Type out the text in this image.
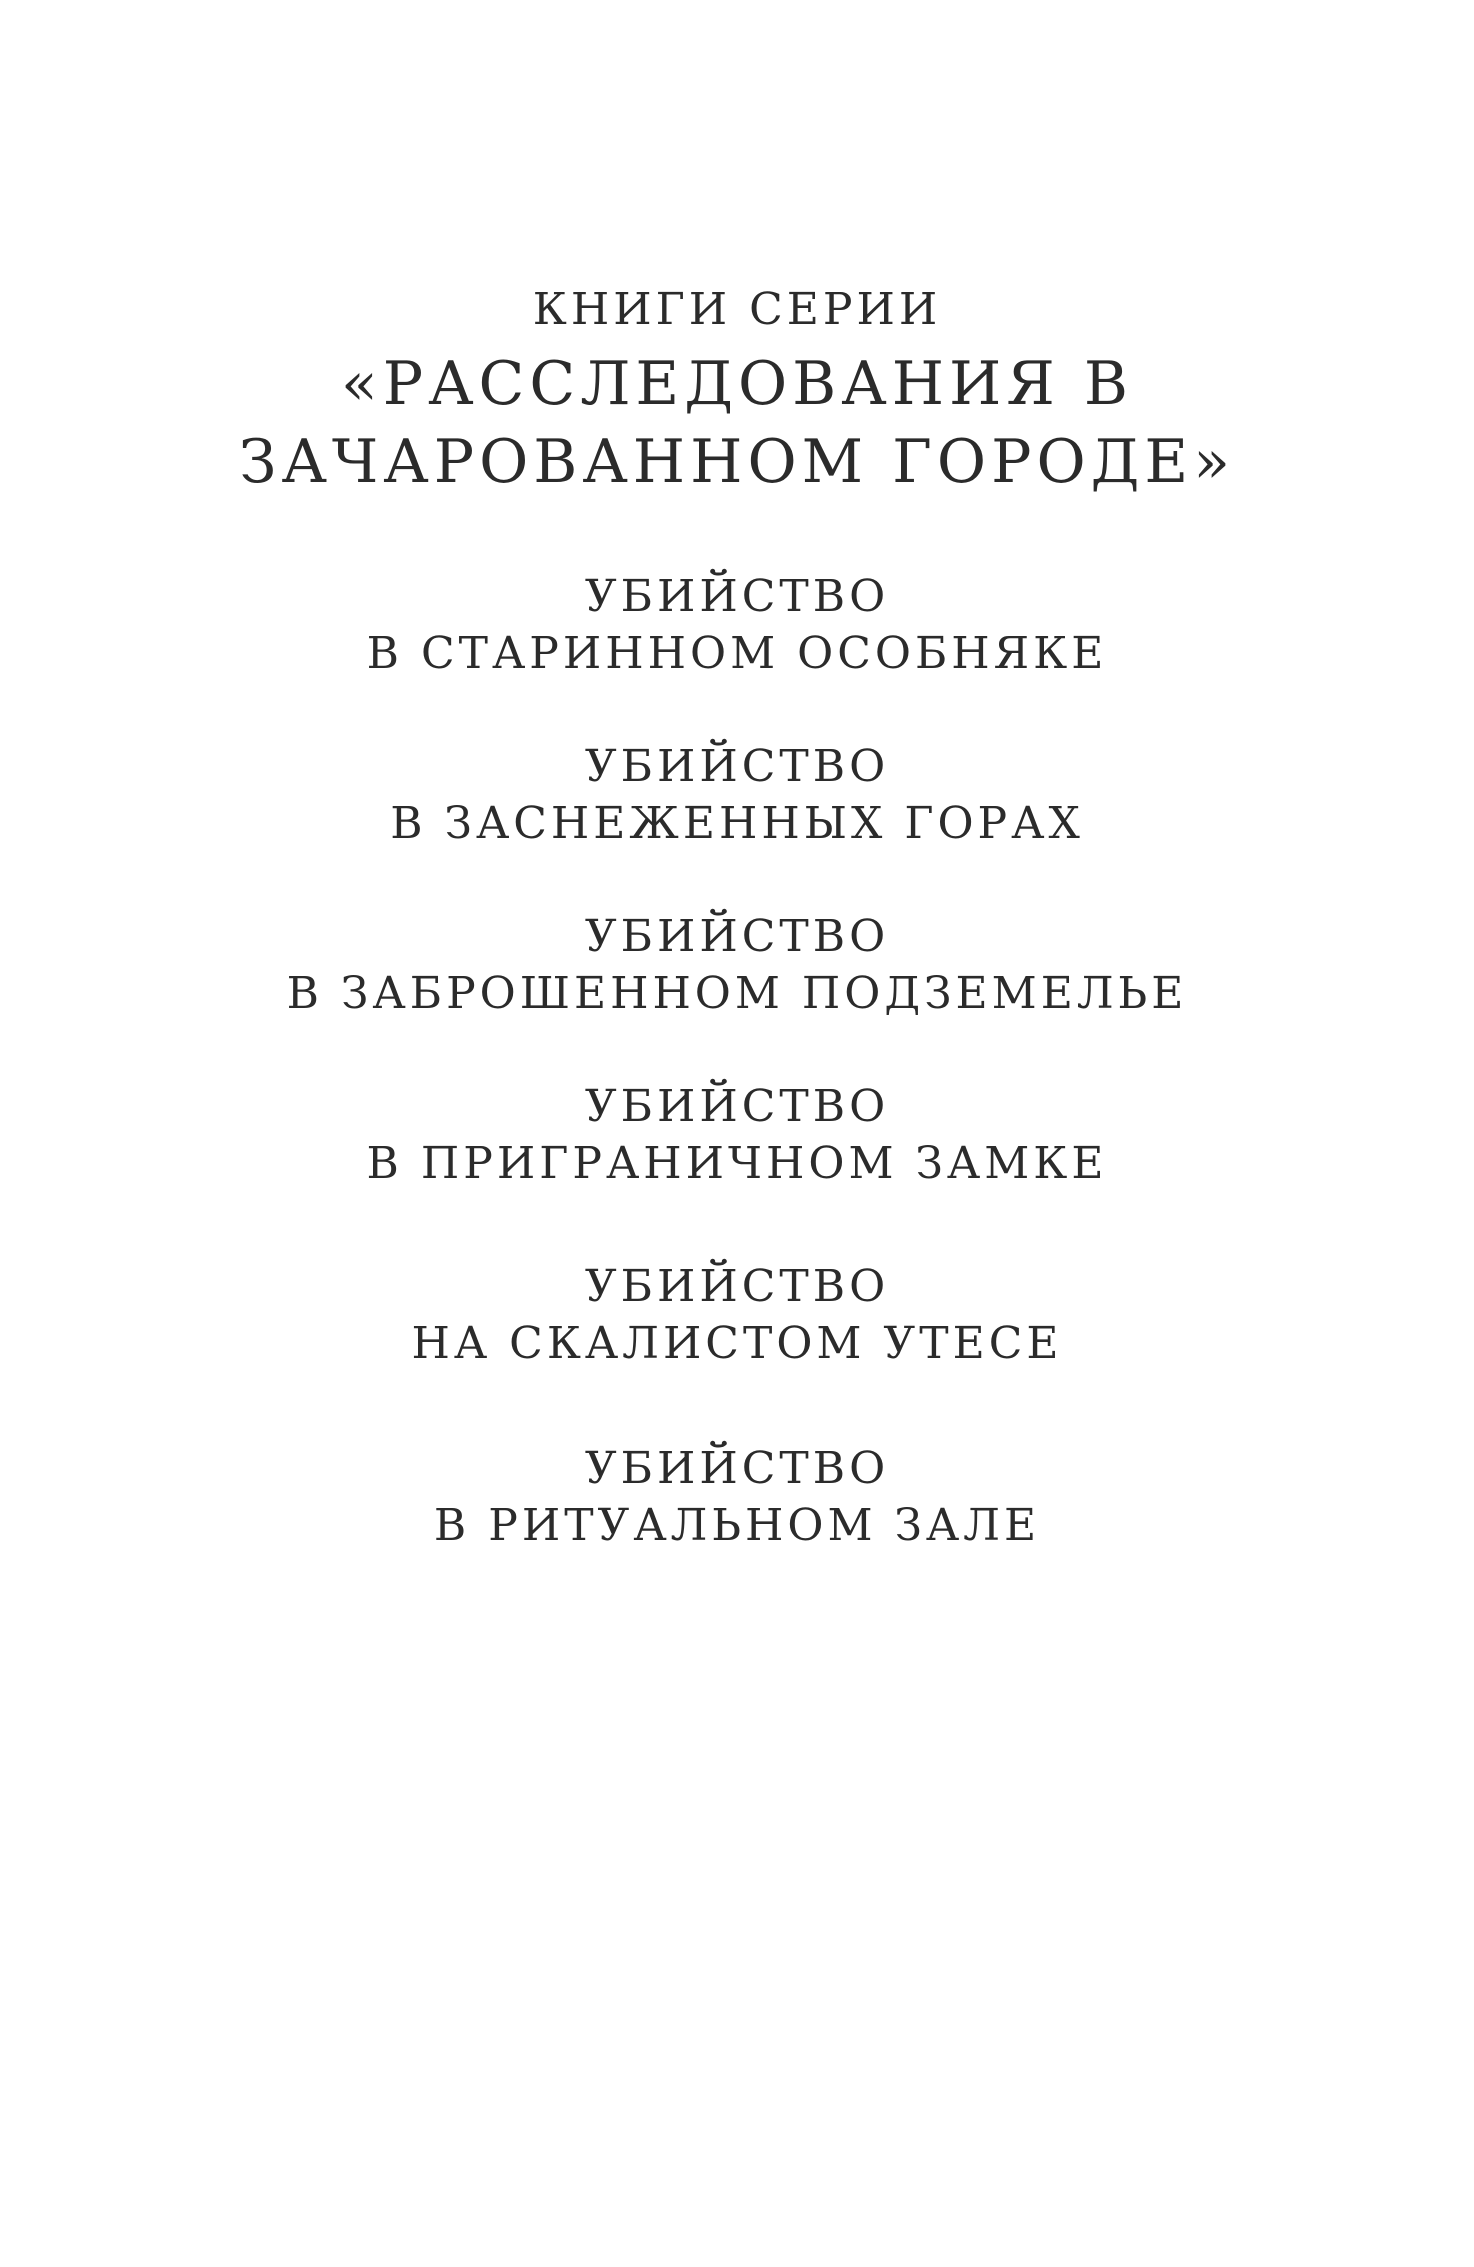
КНИГИ СЕРИИ
«РАССЛЕДОВАНИЯ В
ЗАЧАРОВАННОМ ГОРОДЕ»
УБИЙСТВО
В СТАРИННОМ ОСОБНЯКЕ
УБИЙСТВО
В ЗАСНЕЖЕННЫХ ГОРАХ
УБИЙСТВО
В ЗАБРОШЕННОМ ПОДЗЕМЕЛЬЕ
УБИЙСТВО
В ПРИГРАНИЧНОМ ЗАМКЕ
УБИЙСТВО
НА СКАЛИСТОМ УТЕСЕ
УБИЙСТВО
В РИТУАЛЬНОМ ЗАЛЕ
